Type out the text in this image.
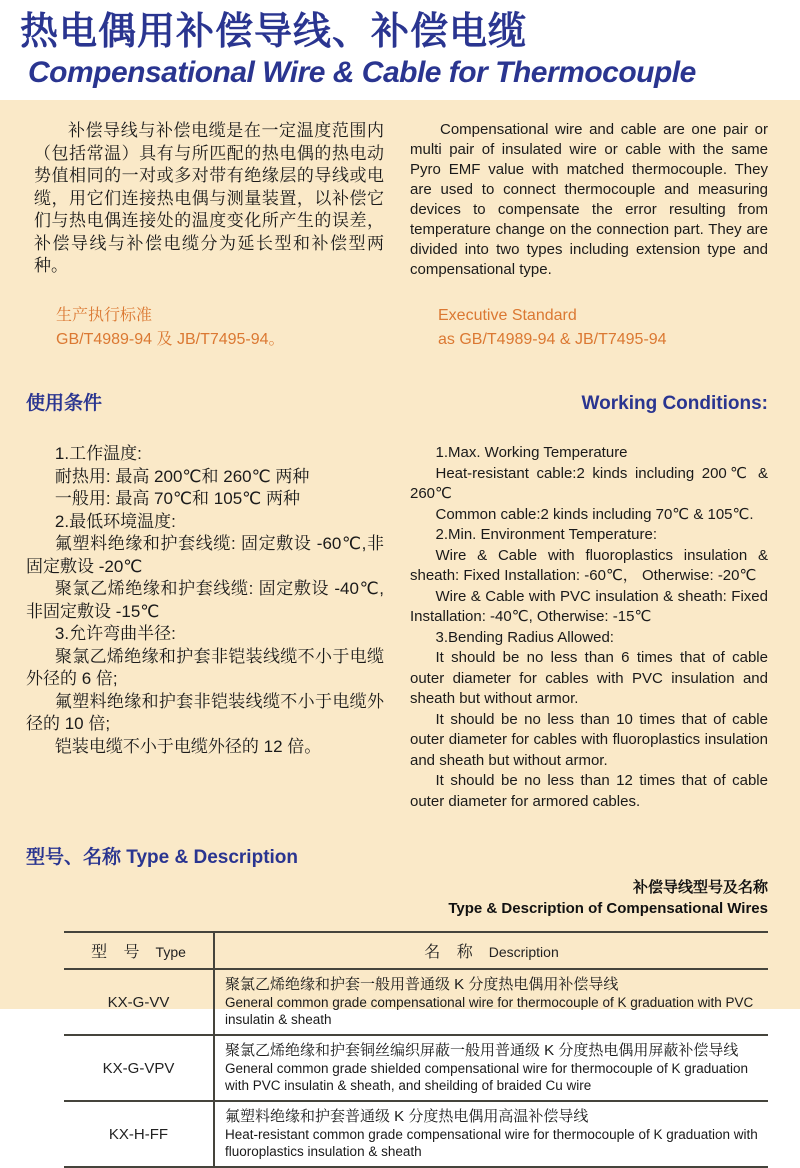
热电偶用补偿导线、补偿电缆
Compensational Wire & Cable for Thermocouple

补偿导线与补偿电缆是在一定温度范围内（包括常温）具有与所匹配的热电偶的热电动势值相同的一对或多对带有绝缘层的导线或电缆，用它们连接热电偶与测量装置，以补偿它们与热电偶连接处的温度变化所产生的误差，补偿导线与补偿电缆分为延长型和补偿型两种。

Compensational wire and cable are one pair or multi pair of insulated wire or cable with the same Pyro EMF value with matched thermocouple. They are used to connect thermocouple and measuring devices to compensate the error resulting from temperature change on the connection part. They are divided into two types including extension type and compensational type.

生产执行标准
GB/T4989-94 及 JB/T7495-94。
Executive Standard
as GB/T4989-94 & JB/T7495-94
使用条件	Working Conditions:

1.工作温度:

耐热用: 最高 200℃和 260℃ 两种

一般用: 最高 70℃和 105℃ 两种

2.最低环境温度:

氟塑料绝缘和护套线缆: 固定敷设 -60℃,非固定敷设 -20℃

聚氯乙烯绝缘和护套线缆: 固定敷设 -40℃,非固定敷设 -15℃

3.允许弯曲半径:

聚氯乙烯绝缘和护套非铠装线缆不小于电缆外径的 6 倍;

氟塑料绝缘和护套非铠装线缆不小于电缆外径的 10 倍;

铠装电缆不小于电缆外径的 12 倍。

1.Max. Working Temperature

Heat-resistant cable:2 kinds including 200℃ & 260℃

Common cable:2 kinds including 70℃ & 105℃.

2.Min. Environment Temperature:

Wire & Cable with fluoroplastics insulation & sheath: Fixed Installation: -60℃， Otherwise: -20℃

Wire & Cable with PVC insulation & sheath: Fixed Installation: -40℃, Otherwise: -15℃

3.Bending Radius Allowed:

It should be no less than 6 times that of cable outer diameter for cables with PVC insulation and sheath but without armor.

It should be no less than 10 times that of cable outer diameter for cables with fluoroplastics insulation and sheath but without armor.

It should be no less than 12 times that of cable outer diameter for armored cables.

型号、名称 Type & Description
补偿导线型号及名称
Type & Description of Compensational Wires
型 号 Type	名 称 Description
KX-G-VV	聚氯乙烯绝缘和护套一般用普通级 K 分度热电偶用补偿导线
General common grade compensational wire for thermocouple of K graduation with PVC insulatin & sheath

KX-G-VPV	聚氯乙烯绝缘和护套铜丝编织屏蔽一般用普通级 K 分度热电偶用屏蔽补偿导线
General common grade shielded compensational wire for thermocouple of K graduation with PVC insulatin & sheath, and sheilding of braided Cu wire

KX-H-FF	氟塑料绝缘和护套普通级 K 分度热电偶用高温补偿导线
Heat-resistant common grade compensational wire for thermocouple of K graduation with fluoroplastics insulation & sheath
